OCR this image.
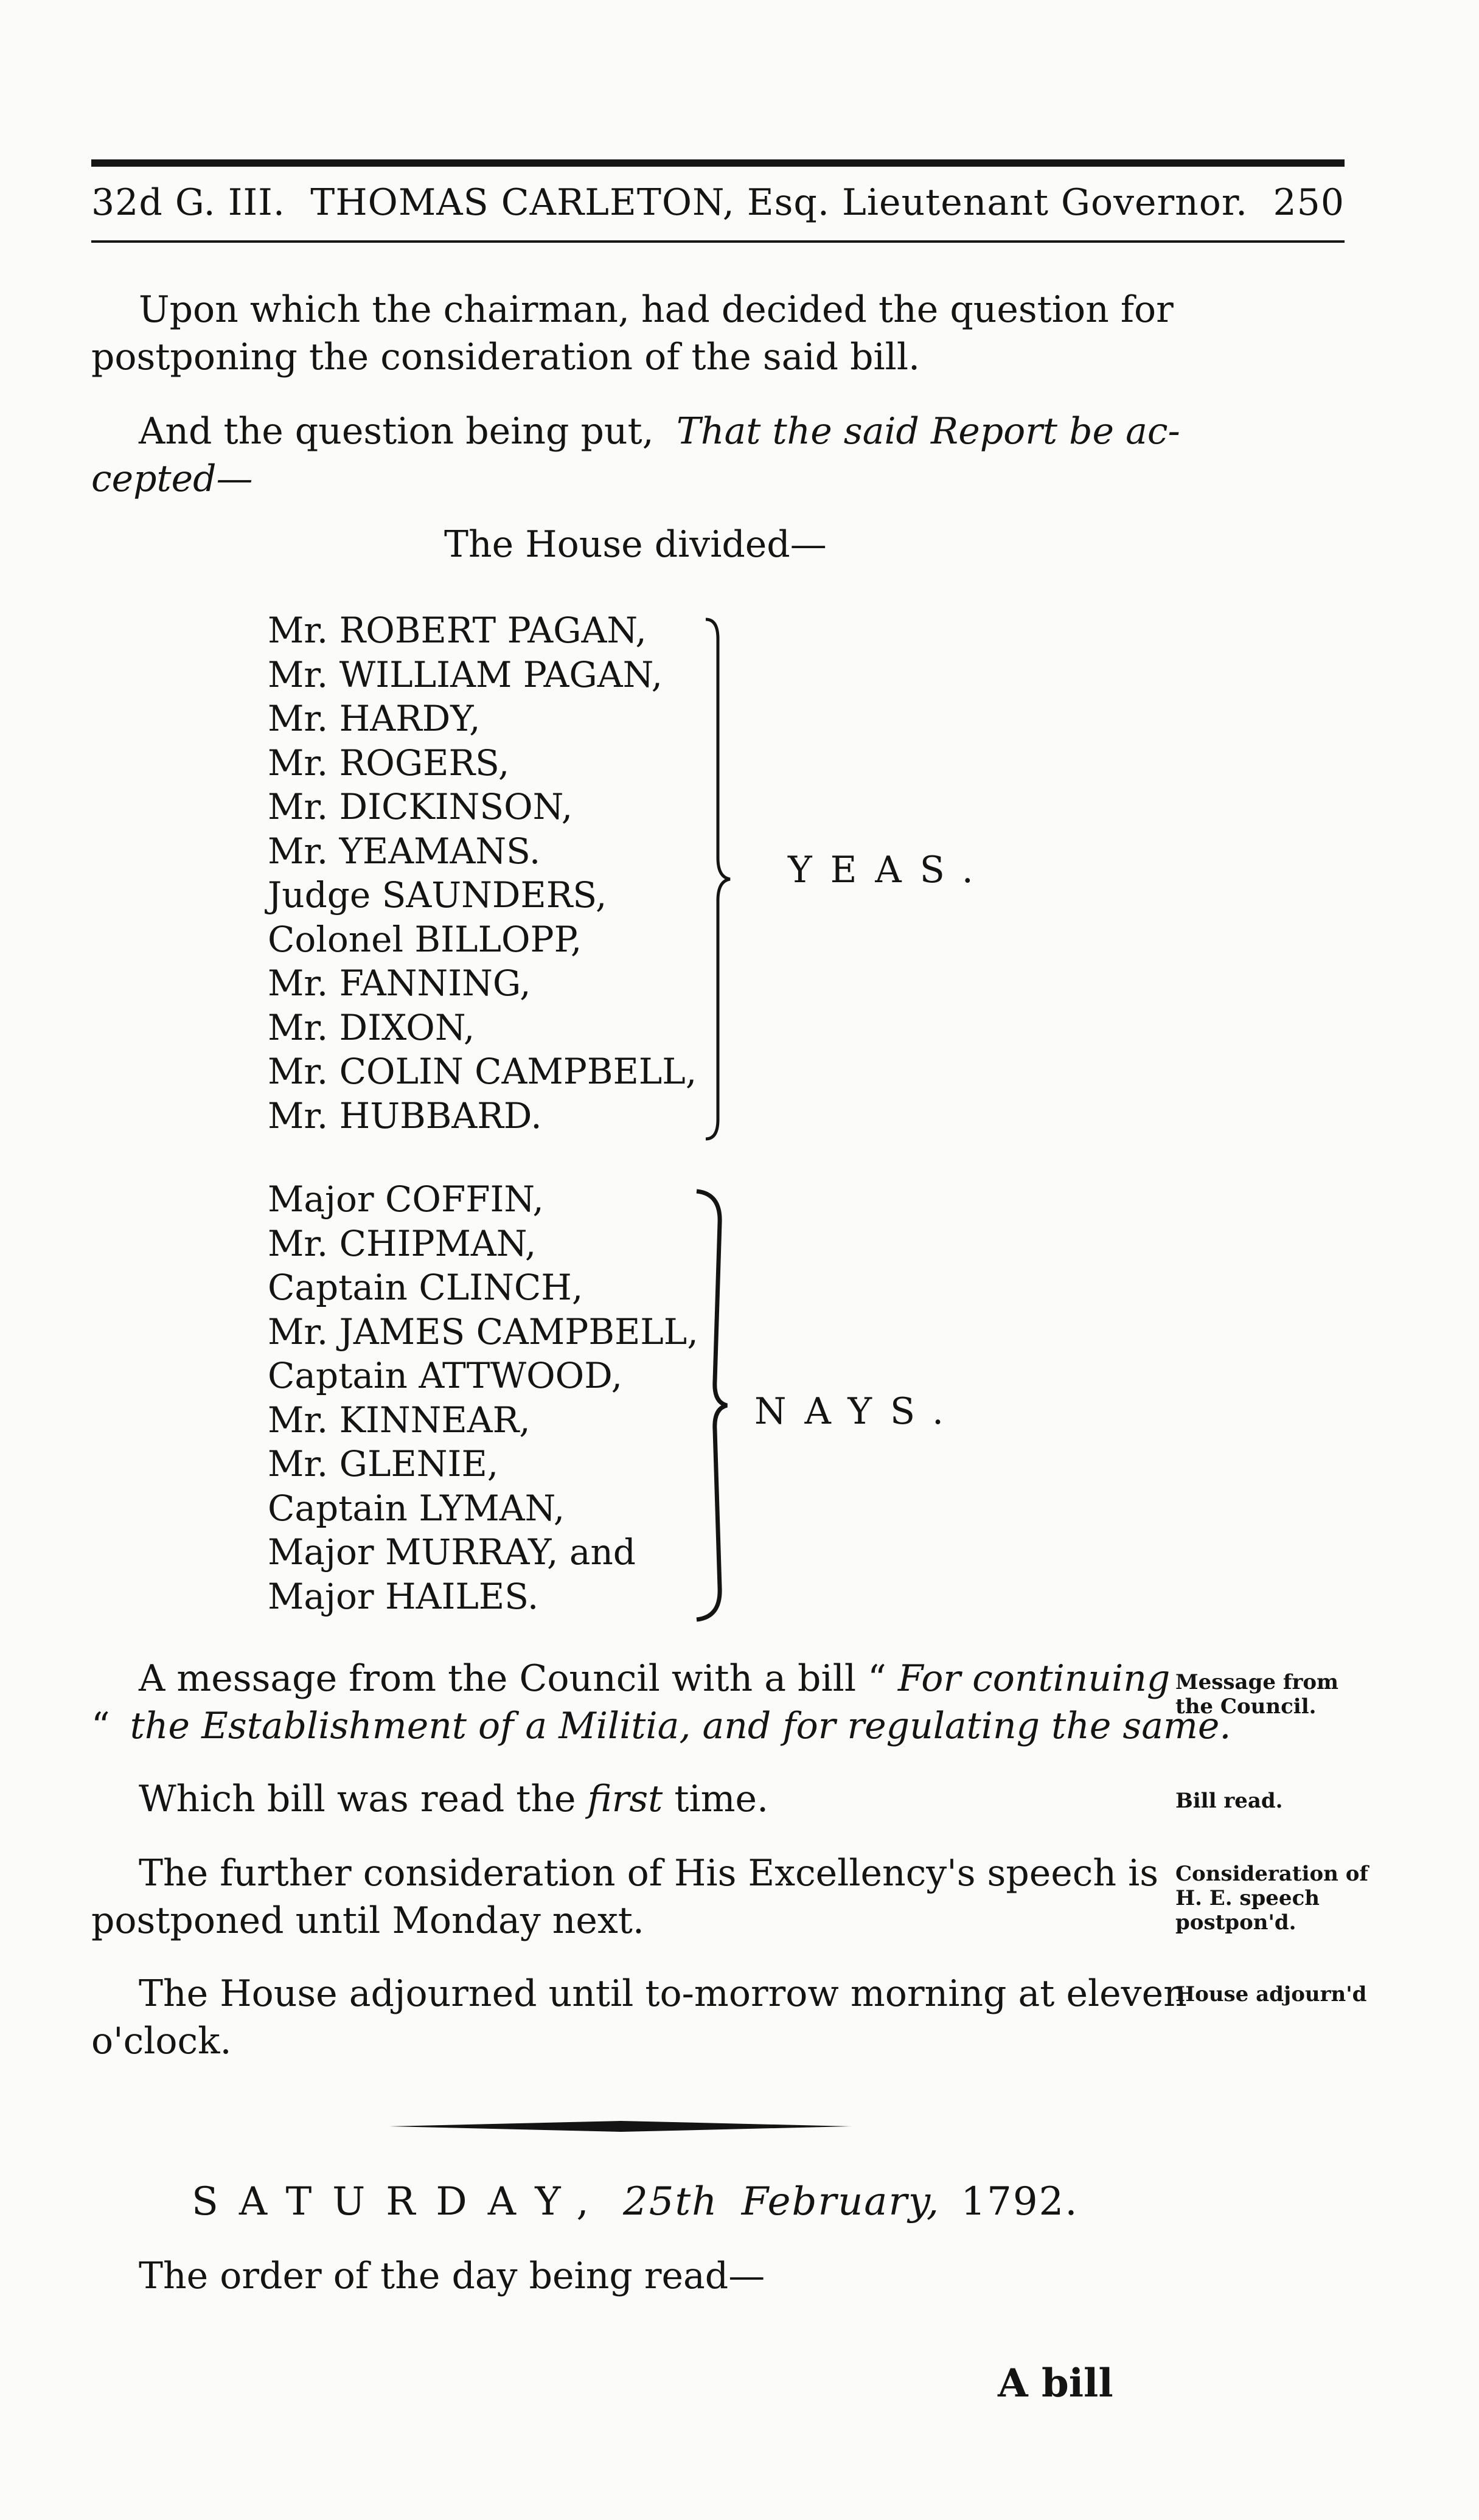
32d G. III. THOMAS CARLETON, Esq. Lieutenant Governor. 250
Upon which the chairman, had decided the question for
postponing the consideration of the said bill.
And the question being put, That the said Report be ac-
cepted—
The House divided—
Mr. ROBERT PAGAN,
Mr. WILLIAM PAGAN,
Mr. HARDY,
Mr. ROGERS,
Mr. DICKINSON,
Mr. YEAMANS.
Judge SAUNDERS,
Colonel BILLOPP,
Mr. FANNING,
Mr. DIXON,
Mr. COLIN CAMPBELL,
Mr. HUBBARD.
YEAS.
Major COFFIN,
Mr. CHIPMAN,
Captain CLINCH,
Mr. JAMES CAMPBELL,
Captain ATTWOOD,
Mr. KINNEAR,
Mr. GLENIE,
Captain LYMAN,
Major MURRAY, and
Major HAILES.
NAYS.
A message from the Council with a bill “ For continuing
“ the Establishment of a Militia, and for regulating the same.
Which bill was read the first time.
The further consideration of His Excellency's speech is
postponed until Monday next.
The House adjourned until to-morrow morning at eleven
o'clock.
Message from
the Council.
Bill read.
Consideration of
H. E. speech
postpon'd.
House adjourn'd
SATURDAY, 25th February, 1792.
The order of the day being read—
A bill
